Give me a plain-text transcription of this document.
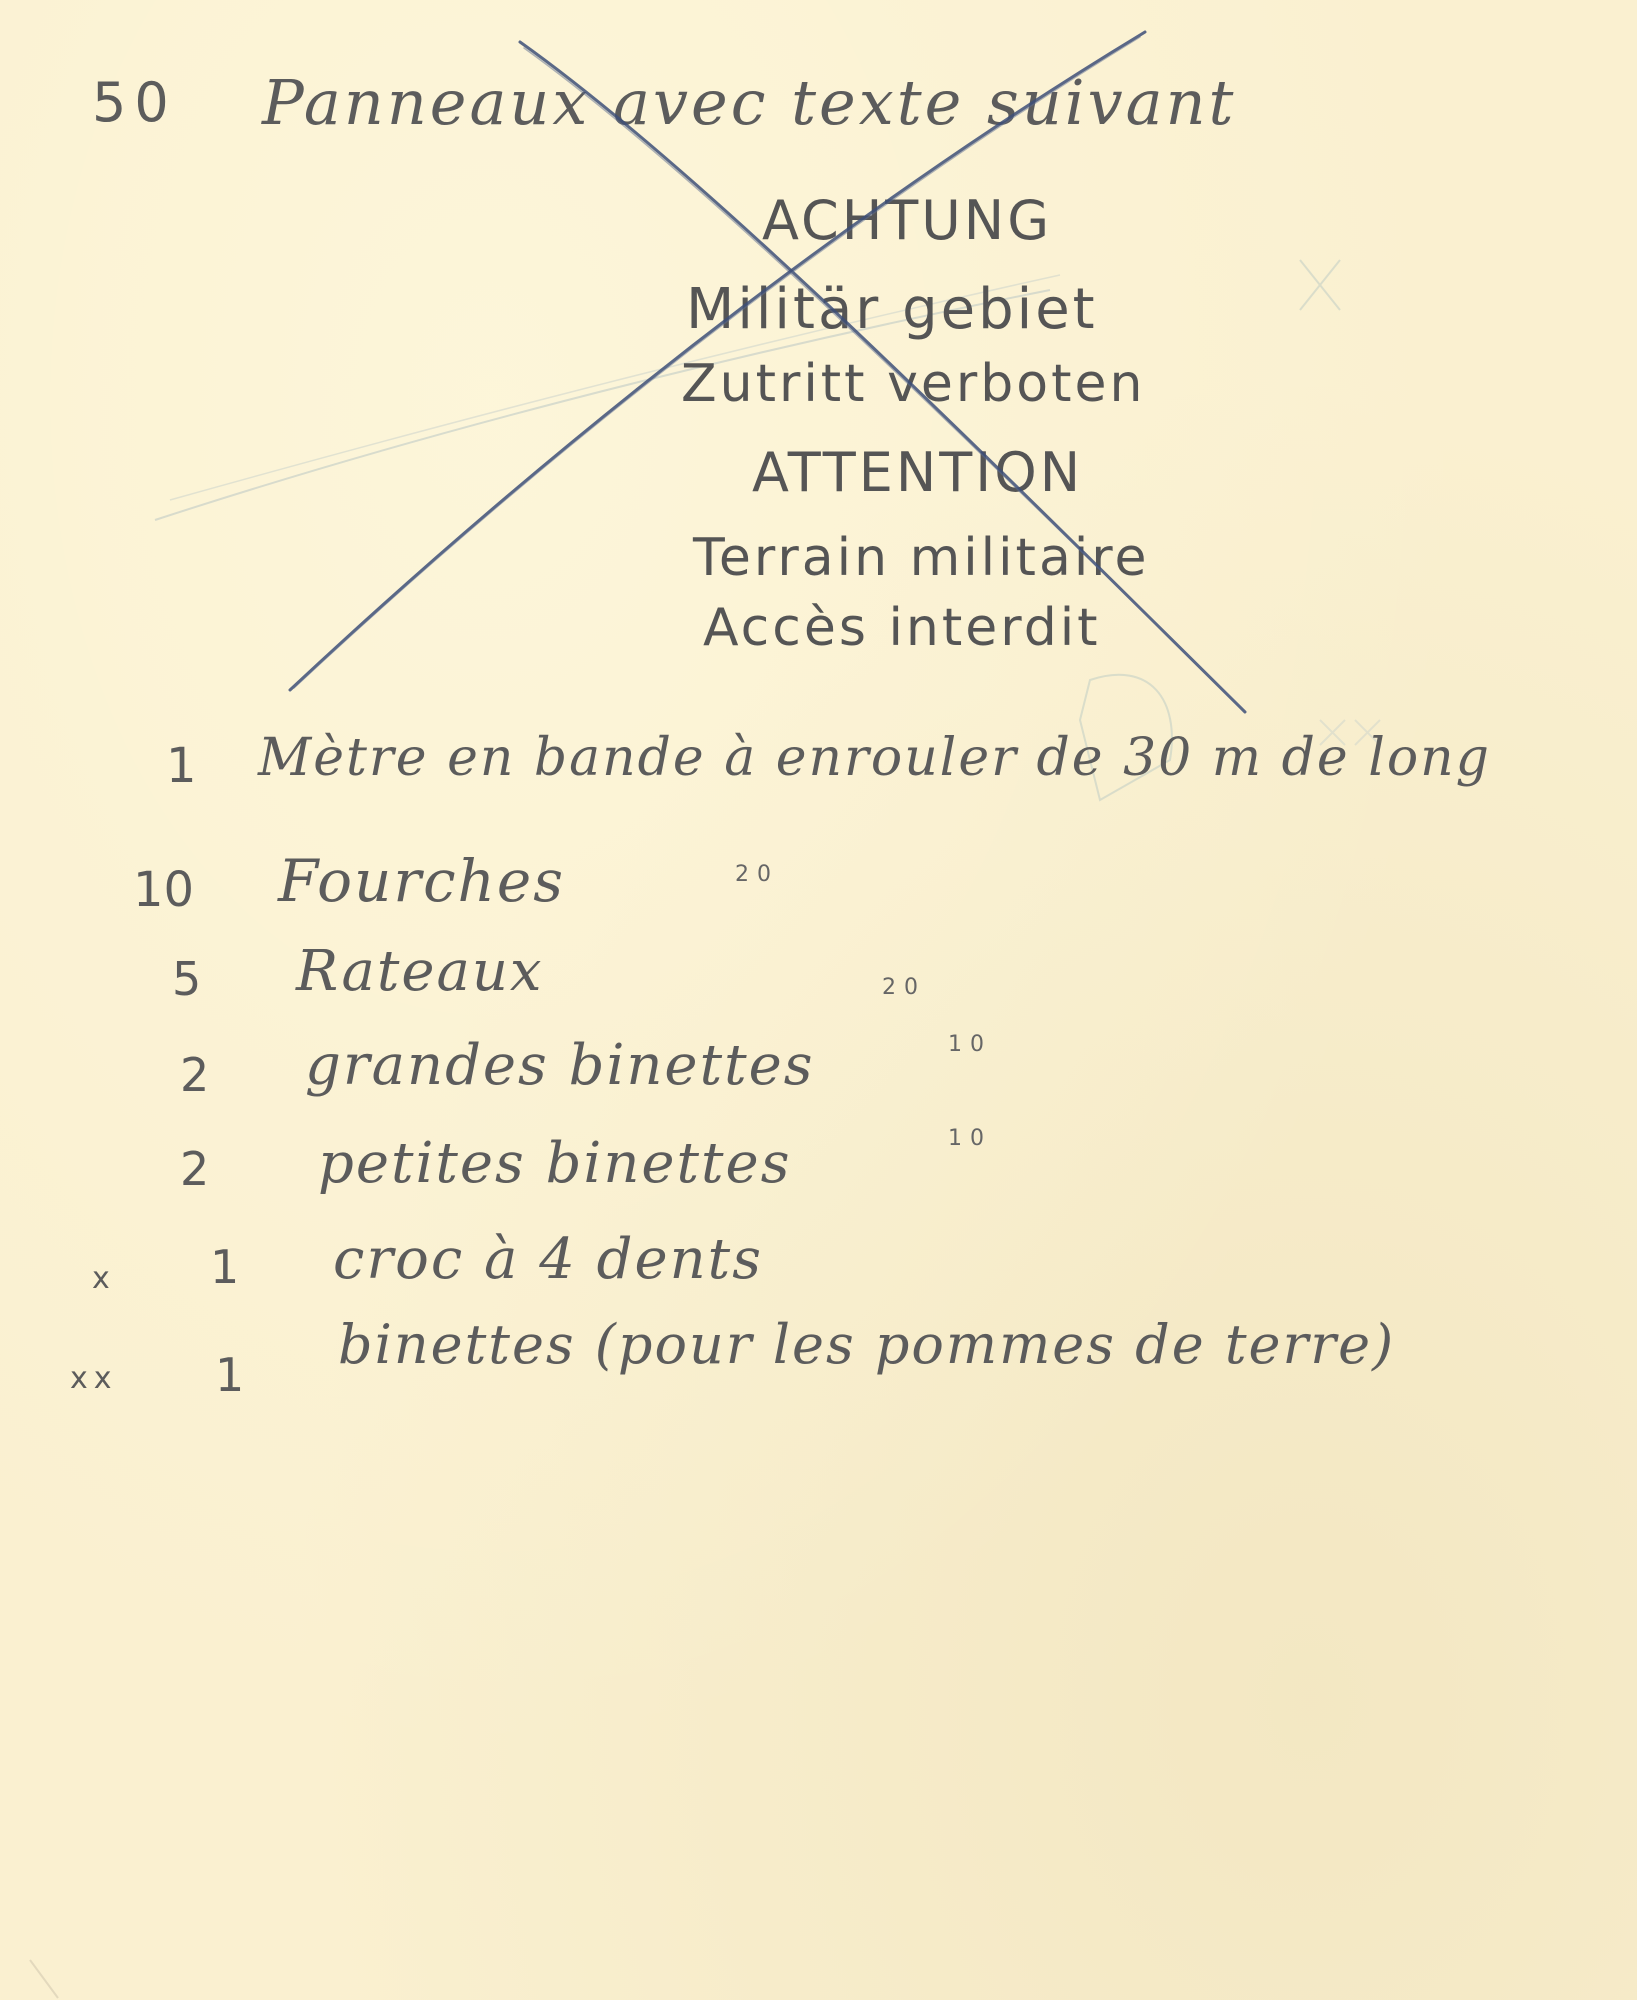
50 Panneaux avec texte suivant
ACHTUNG
Militär gebiet
Zutritt verboten
ATTENTION
Terrain militaire
Accès interdit
1 Mètre en bande à enrouler de 30 m de long
10 Fourches	20
5 Rateaux	20
2 grandes binettes	10
2 petites binettes	10
x 1 croc à 4 dents
xx 1 binettes (pour les pommes de terre)
